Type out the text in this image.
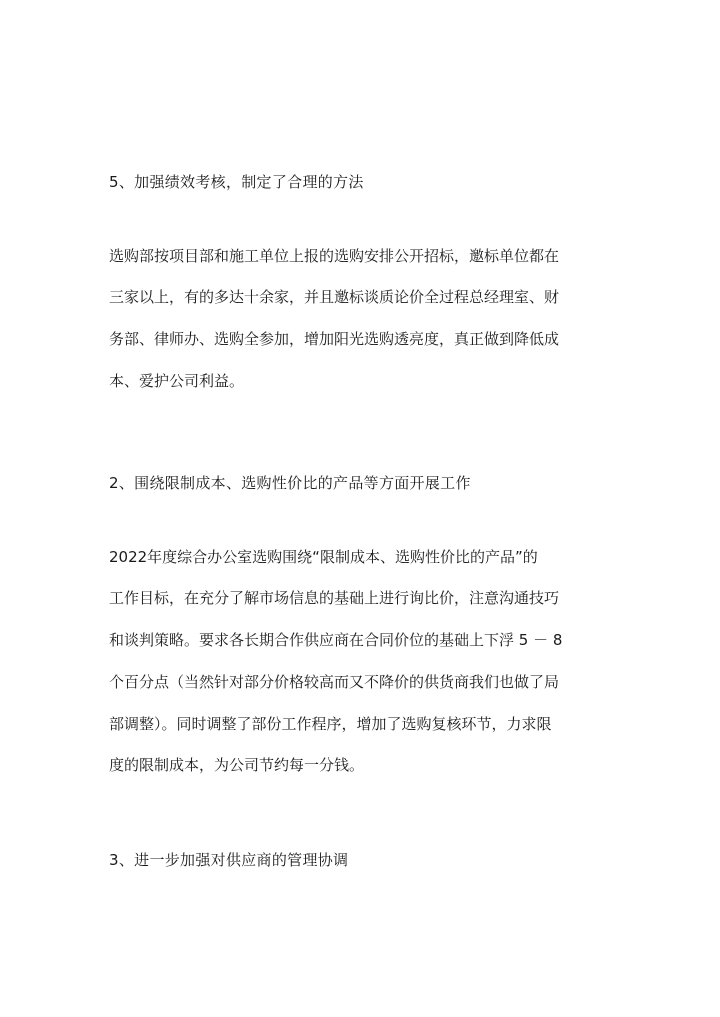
5、加强绩效考核，制定了合理的方法
选购部按项目部和施工单位上报的选购安排公开招标，邀标单位都在
三家以上，有的多达十余家，并且邀标谈质论价全过程总经理室、财
务部、律师办、选购全参加，增加阳光选购透亮度，真正做到降低成
本、爱护公司利益。
2、围绕限制成本、选购性价比的产品等方面开展工作
2022年度综合办公室选购围绕“限制成本、选购性价比的产品”的
工作目标，在充分了解市场信息的基础上进行询比价，注意沟通技巧
和谈判策略。要求各长期合作供应商在合同价位的基础上下浮 5 － 8
个百分点（当然针对部分价格较高而又不降价的供货商我们也做了局
部调整）。同时调整了部份工作程序，增加了选购复核环节，力求限
度的限制成本，为公司节约每一分钱。
3、进一步加强对供应商的管理协调
